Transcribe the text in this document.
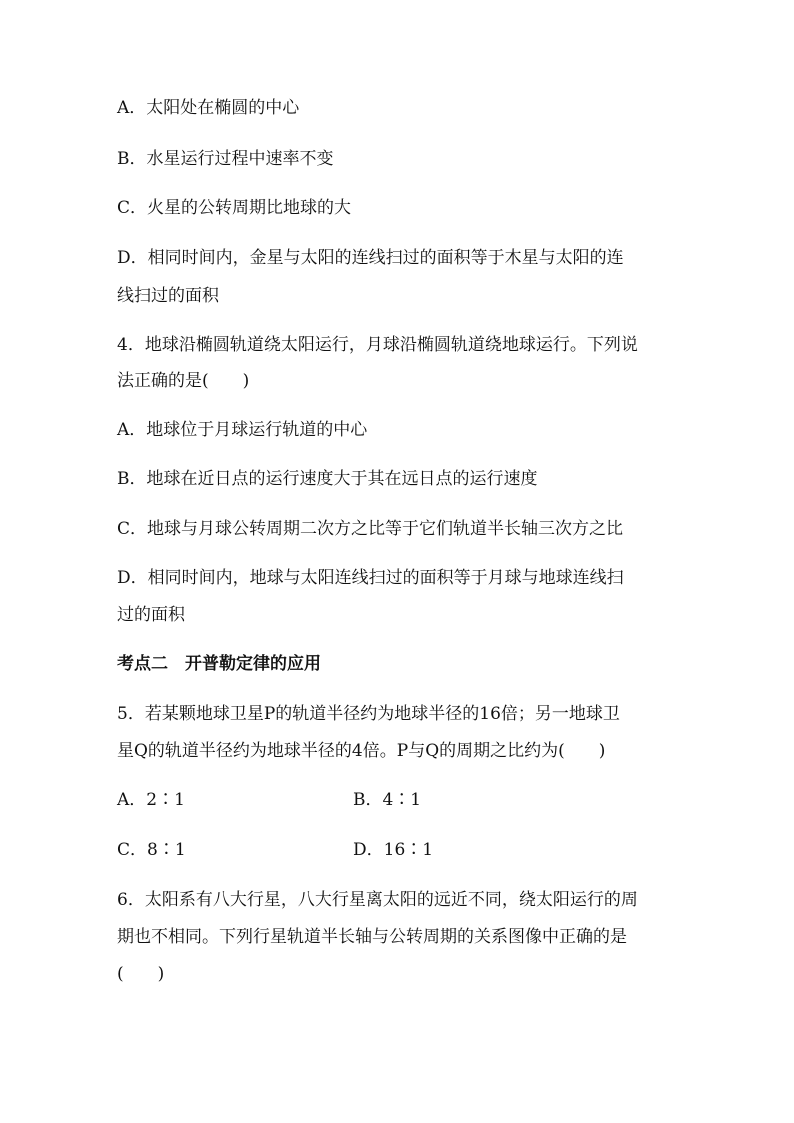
A．太阳处在椭圆的中心
B．水星运行过程中速率不变
C．火星的公转周期比地球的大
D．相同时间内，金星与太阳的连线扫过的面积等于木星与太阳的连
线扫过的面积
4．地球沿椭圆轨道绕太阳运行，月球沿椭圆轨道绕地球运行。下列说
法正确的是(　　)
A．地球位于月球运行轨道的中心
B．地球在近日点的运行速度大于其在远日点的运行速度
C．地球与月球公转周期二次方之比等于它们轨道半长轴三次方之比
D．相同时间内，地球与太阳连线扫过的面积等于月球与地球连线扫
过的面积
考点二　开普勒定律的应用
5．若某颗地球卫星P的轨道半径约为地球半径的16倍；另一地球卫
星Q的轨道半径约为地球半径的4倍。P与Q的周期之比约为(　　)
A．2∶1	B．4∶1
C．8∶1	D．16∶1
6．太阳系有八大行星，八大行星离太阳的远近不同，绕太阳运行的周
期也不相同。下列行星轨道半长轴与公转周期的关系图像中正确的是
(　　)
